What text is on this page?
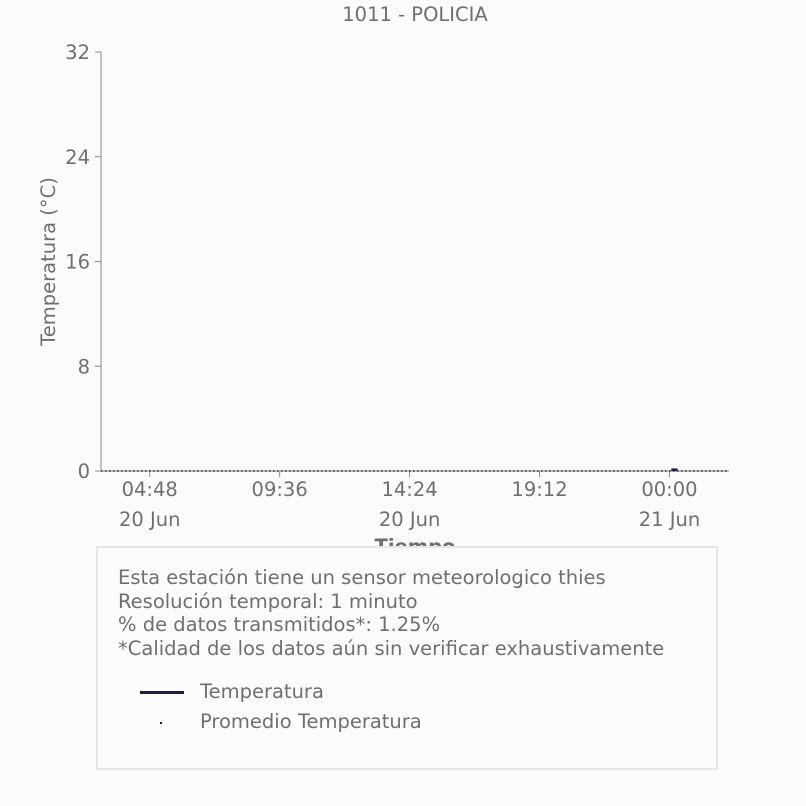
1011 - POLICIA
Temperatura (°C)
0
8
16
24
32
04:48
20 Jun
09:36	14:24
20 Jun
19:12	00:00
21 Jun
Esta estación tiene un sensor meteorologico thies
Resolución temporal: 1 minuto
% de datos transmitidos*: 1.25%
*Calidad de los datos aún sin verificar exhaustivamente
Temperatura
Promedio Temperatura
